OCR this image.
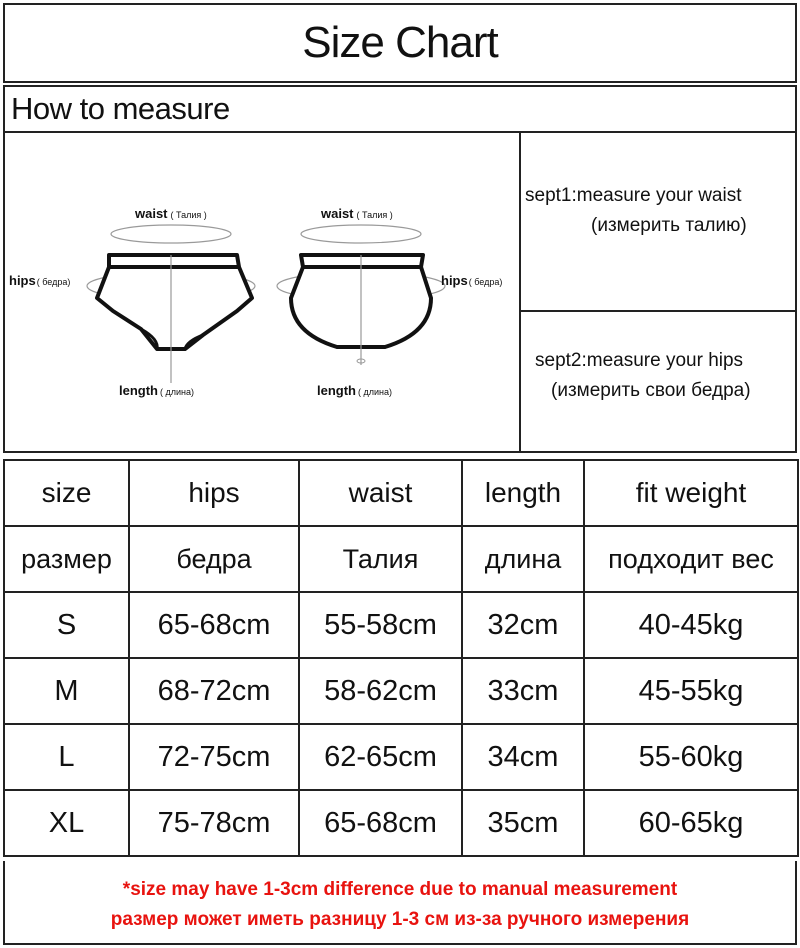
Size Chart
How to measure
waist ( Талия )	waist ( Талия )
hips( бедра)	hips( бедра)
length ( длина)	length ( длина)
sept1:measure your waist
(измерить талию)
sept2:measure your hips
(измерить свои бедра)
size	hips	waist	length	fit weight
размер	бедра	Талия	длина	подходит вес
S	65-68cm	55-58cm	32cm	40-45kg
M	68-72cm	58-62cm	33cm	45-55kg
L	72-75cm	62-65cm	34cm	55-60kg
XL	75-78cm	65-68cm	35cm	60-65kg
*size may have 1-3cm difference due to manual measurement
размер может иметь разницу 1-3 см из-за ручного измерения
